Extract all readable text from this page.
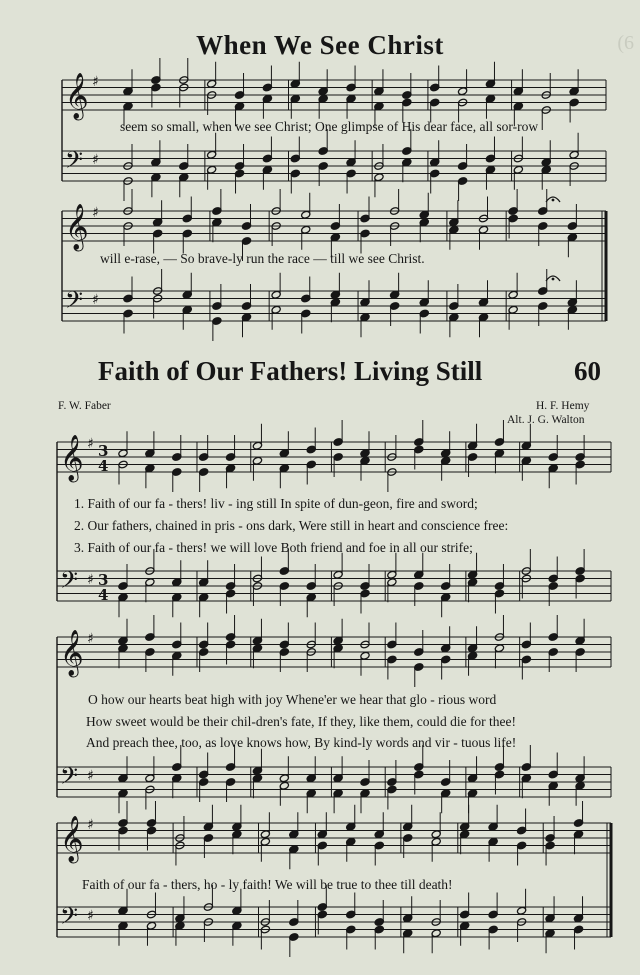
(6
When We See Christ
𝄞 ♯
𝄢 ♯
𝄞 ♯
𝄢 ♯
𝄞 ♯ 3
4
𝄢 ♯ 3
4
𝄞 ♯
𝄢 ♯
𝄞 ♯
𝄢 ♯
seem so small, when we see Christ; One glimpse of His dear face, all sor-row
will e-rase, — So brave-ly run the race — till we see Christ.
Faith of Our Fathers! Living Still	60
F. W. Faber	H. F. Hemy
Alt. J. G. Walton
1. Faith of our fa - thers! liv - ing still In spite of dun-geon, fire and sword;
2. Our fathers, chained in pris - ons dark, Were still in heart and conscience free:
3. Faith of our fa - thers! we will love Both friend and foe in all our strife;
O how our hearts beat high with joy Whene'er we hear that glo - rious word
How sweet would be their chil-dren's fate, If they, like them, could die for thee!
And preach thee, too, as love knows how, By kind-ly words and vir - tuous life!
Faith of our fa - thers, ho - ly faith! We will be true to thee till death!
